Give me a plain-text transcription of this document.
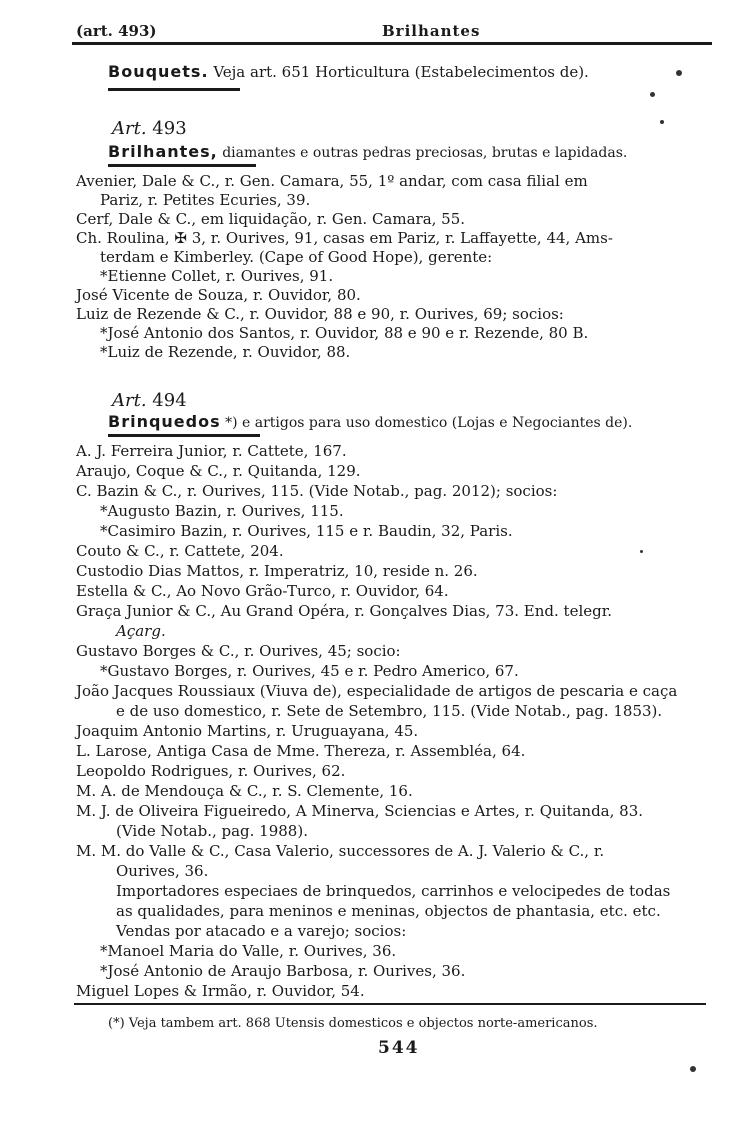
(art. 493)	Brilhantes
Bouquets. Veja art. 651 Horticultura (Estabelecimentos de).
Art. 493
Brilhantes, diamantes e outras pedras preciosas, brutas e lapidadas.
Avenier, Dale & C., r. Gen. Camara, 55, 1º andar, com casa filial em
Pariz, r. Petites Ecuries, 39.
Cerf, Dale & C., em liquidação, r. Gen. Camara, 55.
Ch. Roulina, ✠ 3, r. Ourives, 91, casas em Pariz, r. Laffayette, 44, Ams-
terdam e Kimberley. (Cape of Good Hope), gerente:
*Etienne Collet, r. Ourives, 91.
José Vicente de Souza, r. Ouvidor, 80.
Luiz de Rezende & C., r. Ouvidor, 88 e 90, r. Ourives, 69; socios:
*José Antonio dos Santos, r. Ouvidor, 88 e 90 e r. Rezende, 80 B.
*Luiz de Rezende, r. Ouvidor, 88.
Art. 494
Brinquedos *) e artigos para uso domestico (Lojas e Negociantes de).
A. J. Ferreira Junior, r. Cattete, 167.
Araujo, Coque & C., r. Quitanda, 129.
C. Bazin & C., r. Ourives, 115. (Vide Notab., pag. 2012); socios:
*Augusto Bazin, r. Ourives, 115.
*Casimiro Bazin, r. Ourives, 115 e r. Baudin, 32, Paris.
Couto & C., r. Cattete, 204.
Custodio Dias Mattos, r. Imperatriz, 10, reside n. 26.
Estella & C., Ao Novo Grão-Turco, r. Ouvidor, 64.
Graça Junior & C., Au Grand Opéra, r. Gonçalves Dias, 73. End. telegr.
Açarg.
Gustavo Borges & C., r. Ourives, 45; socio:
*Gustavo Borges, r. Ourives, 45 e r. Pedro Americo, 67.
João Jacques Roussiaux (Viuva de), especialidade de artigos de pescaria e caça
e de uso domestico, r. Sete de Setembro, 115. (Vide Notab., pag. 1853).
Joaquim Antonio Martins, r. Uruguayana, 45.
L. Larose, Antiga Casa de Mme. Thereza, r. Assembléa, 64.
Leopoldo Rodrigues, r. Ourives, 62.
M. A. de Mendouça & C., r. S. Clemente, 16.
M. J. de Oliveira Figueiredo, A Minerva, Sciencias e Artes, r. Quitanda, 83.
(Vide Notab., pag. 1988).
M. M. do Valle & C., Casa Valerio, successores de A. J. Valerio & C., r.
Ourives, 36.
Importadores especiaes de brinquedos, carrinhos e velocipedes de todas
as qualidades, para meninos e meninas, objectos de phantasia, etc. etc.
Vendas por atacado e a varejo; socios:
*Manoel Maria do Valle, r. Ourives, 36.
*José Antonio de Araujo Barbosa, r. Ourives, 36.
Miguel Lopes & Irmão, r. Ouvidor, 54.
(*) Veja tambem art. 868 Utensis domesticos e objectos norte-americanos.
544
